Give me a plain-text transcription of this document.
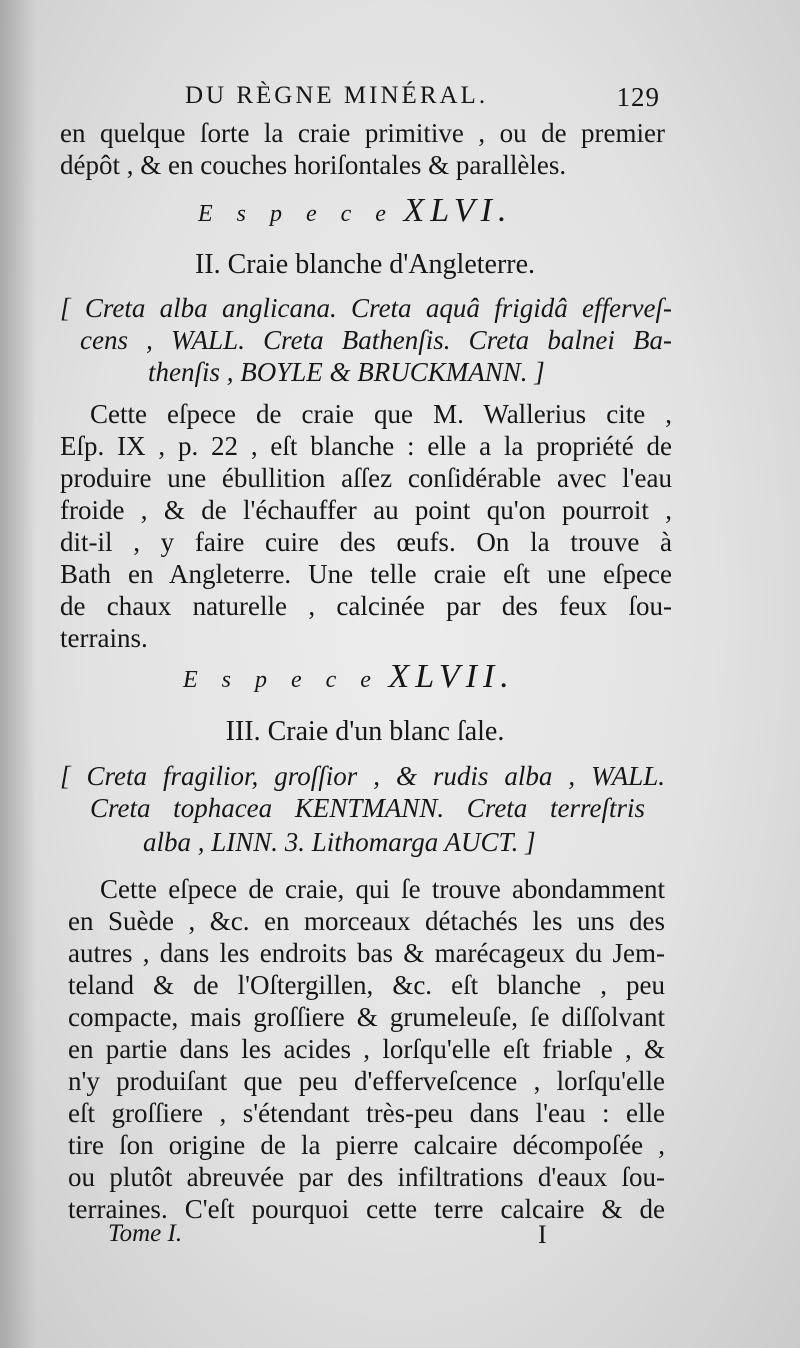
DU RÈGNE MINÉRAL.	129
en quelque ſorte la craie primitive , ou de premier
dépôt , & en couches horiſontales & parallèles.
E s p e c e XLVI.
II. Craie blanche d'Angleterre.
[ Creta alba anglicana. Creta aquâ frigidâ efferveſ-
cens , WALL. Creta Bathenſis. Creta balnei Ba-
thenſis , BOYLE & BRUCKMANN. ]
Cette eſpece de craie que M. Wallerius cite ,
Eſp. IX , p. 22 , eſt blanche : elle a la propriété de
produire une ébullition aſſez conſidérable avec l'eau
froide , & de l'échauffer au point qu'on pourroit ,
dit-il , y faire cuire des œufs. On la trouve à
Bath en Angleterre. Une telle craie eſt une eſpece
de chaux naturelle , calcinée par des feux ſou-
terrains.
E s p e c e XLVII.
III. Craie d'un blanc ſale.
[ Creta fragilior, groſſior , & rudis alba , WALL.
Creta tophacea KENTMANN. Creta terreſtris
alba , LINN. 3. Lithomarga AUCT. ]
Cette eſpece de craie, qui ſe trouve abondamment
en Suède , &c. en morceaux détachés les uns des
autres , dans les endroits bas & marécageux du Jem-
teland & de l'Oſtergillen, &c. eſt blanche , peu
compacte, mais groſſiere & grumeleuſe, ſe diſſolvant
en partie dans les acides , lorſqu'elle eſt friable , &
n'y produiſant que peu d'efferveſcence , lorſqu'elle
eſt groſſiere , s'étendant très-peu dans l'eau : elle
tire ſon origine de la pierre calcaire décompoſée ,
ou plutôt abreuvée par des infiltrations d'eaux ſou-
terraines. C'eſt pourquoi cette terre calcaire & de
Tome I.	I
